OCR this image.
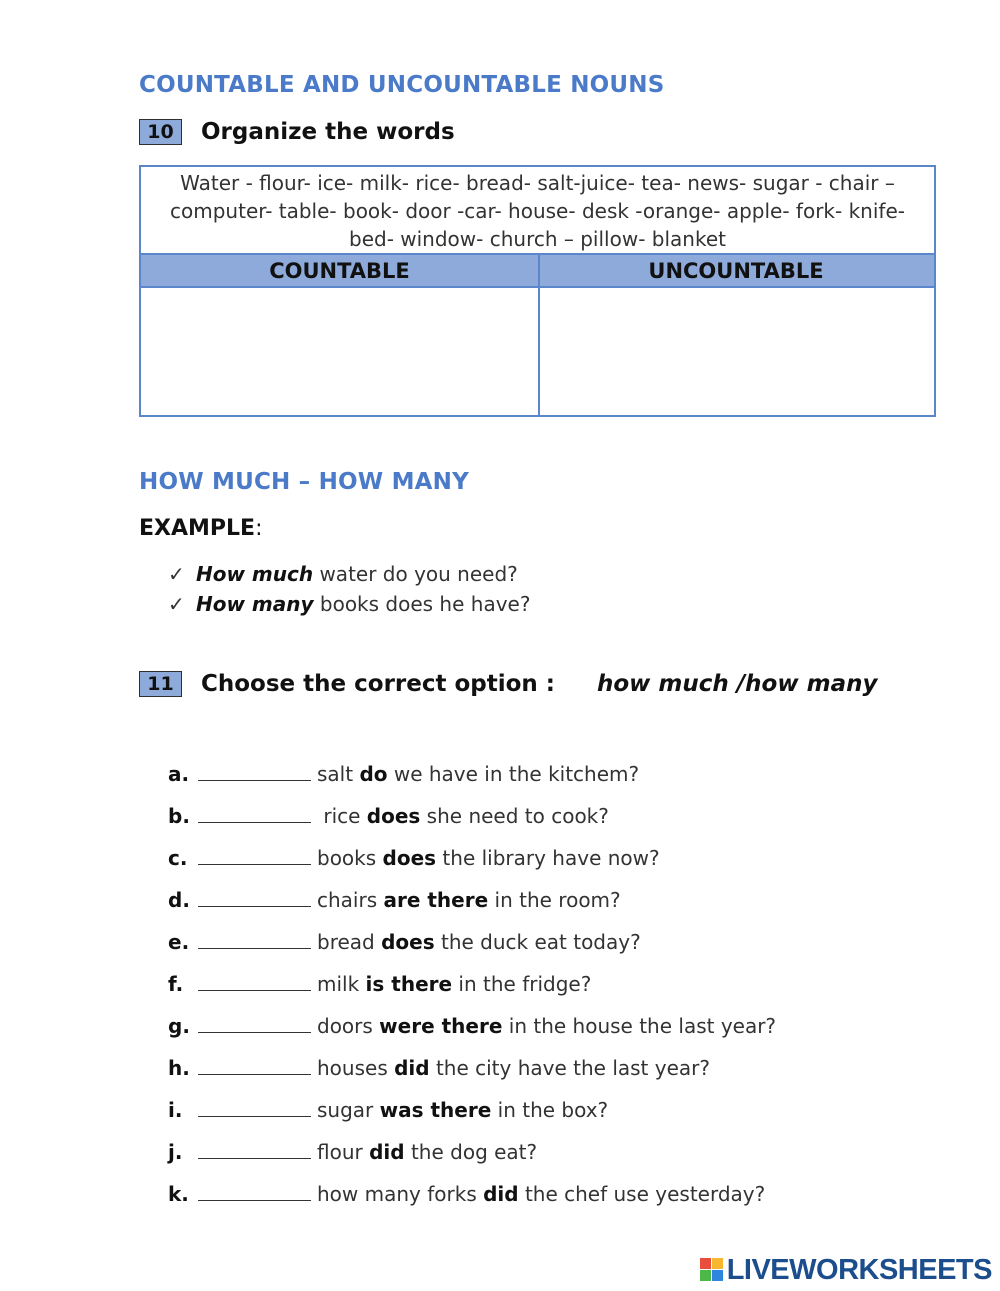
COUNTABLE AND UNCOUNTABLE NOUNS
10	Organize the words
Water - flour- ice- milk- rice- bread- salt-juice- tea- news- sugar - chair – computer- table- book- door -car- house- desk -orange- apple- fork- knife- bed- window- church – pillow- blanket
COUNTABLE	UNCOUNTABLE
HOW MUCH – HOW MANY
EXAMPLE:
✓ How much water do you need?
✓ How many books does he have?
11	Choose the correct option : how much /how many
a.	salt do we have in the kitchem?
b.	rice does she need to cook?
c.	books does the library have now?
d.	chairs are there in the room?
e.	bread does the duck eat today?
f.	milk is there in the fridge?
g.	doors were there in the house the last year?
h.	houses did the city have the last year?
i.	sugar was there in the box?
j.	flour did the dog eat?
k.	how many forks did the chef use yesterday?
LIVEWORKSHEETS
